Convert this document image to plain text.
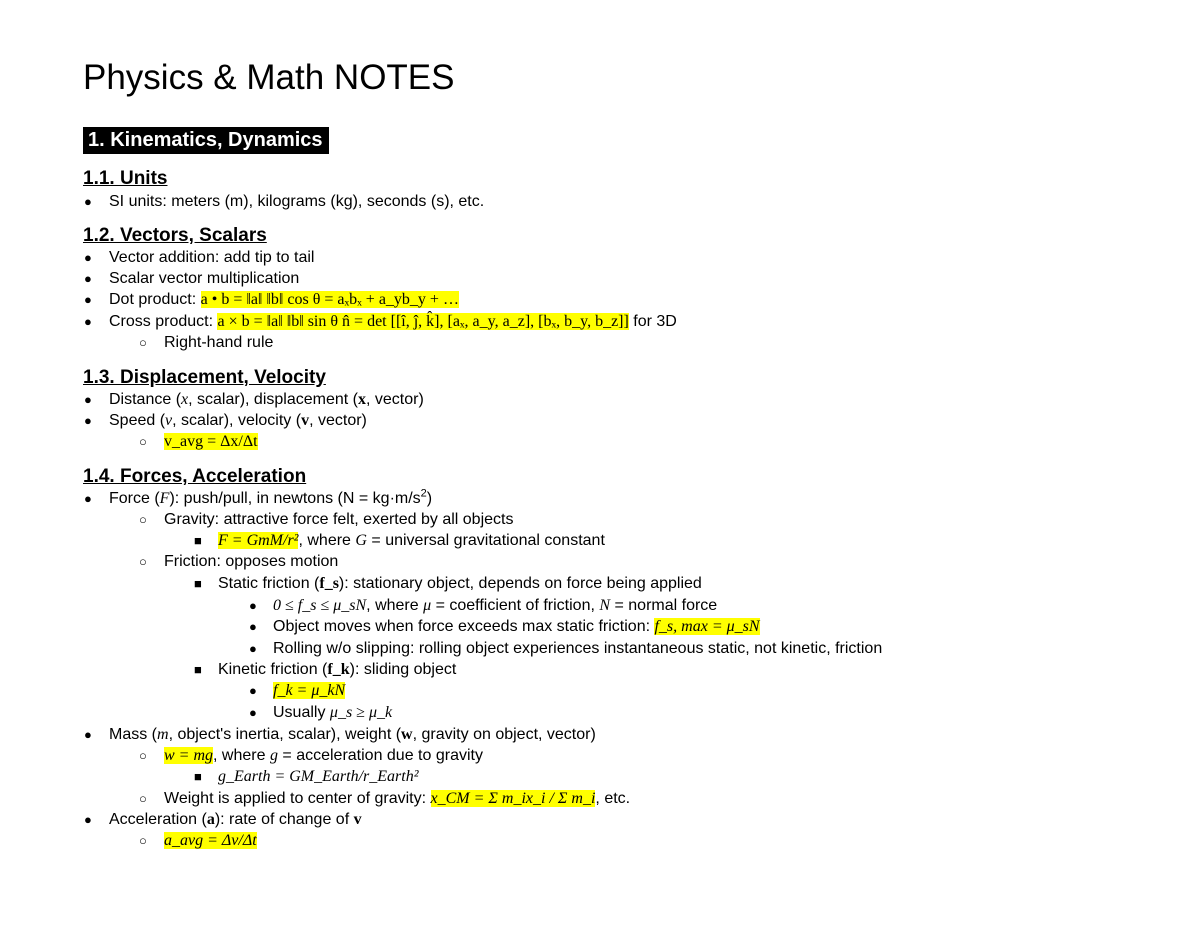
Physics & Math NOTES
1. Kinematics, Dynamics
1.1. Units
● SI units: meters (m), kilograms (kg), seconds (s), etc.
1.2. Vectors, Scalars
● Vector addition: add tip to tail
● Scalar vector multiplication
● Dot product: a • b = ‖a‖ ‖b‖ cos θ = aₓbₓ + a_yb_y + …
● Cross product: a × b = ‖a‖ ‖b‖ sin θ n̂ = det [[î, ĵ, k̂], [aₓ, a_y, a_z], [bₓ, b_y, b_z]] for 3D
○ Right-hand rule
1.3. Displacement, Velocity
● Distance (x, scalar), displacement (x, vector)
● Speed (v, scalar), velocity (v, vector)
○ v_avg = Δx/Δt
1.4. Forces, Acceleration
● Force (F): push/pull, in newtons $(N = kg\cdot m/s^2)$
○ Gravity: attractive force felt, exerted by all objects
■ F = GmM/r², where G = universal gravitational constant
○ Friction: opposes motion
■ Static friction (f_s): stationary object, depends on force being applied
● 0 ≤ f_s ≤ μ_sN, where μ = coefficient of friction, N = normal force
● Object moves when force exceeds max static friction: f_s, max = μ_sN
● Rolling w/o slipping: rolling object experiences instantaneous static, not kinetic, friction
■ Kinetic friction (f_k): sliding object
● f_k = μ_kN
● Usually μ_s ≥ μ_k
● Mass (m, object's inertia, scalar), weight (w, gravity on object, vector)
○ w = mg, where g = acceleration due to gravity
■ g_Earth = GM_Earth/r_Earth²
○ Weight is applied to center of gravity: x_CM = Σ m_ix_i / Σ m_i, etc.
● Acceleration (a): rate of change of v
○ a_avg = Δv/Δt
